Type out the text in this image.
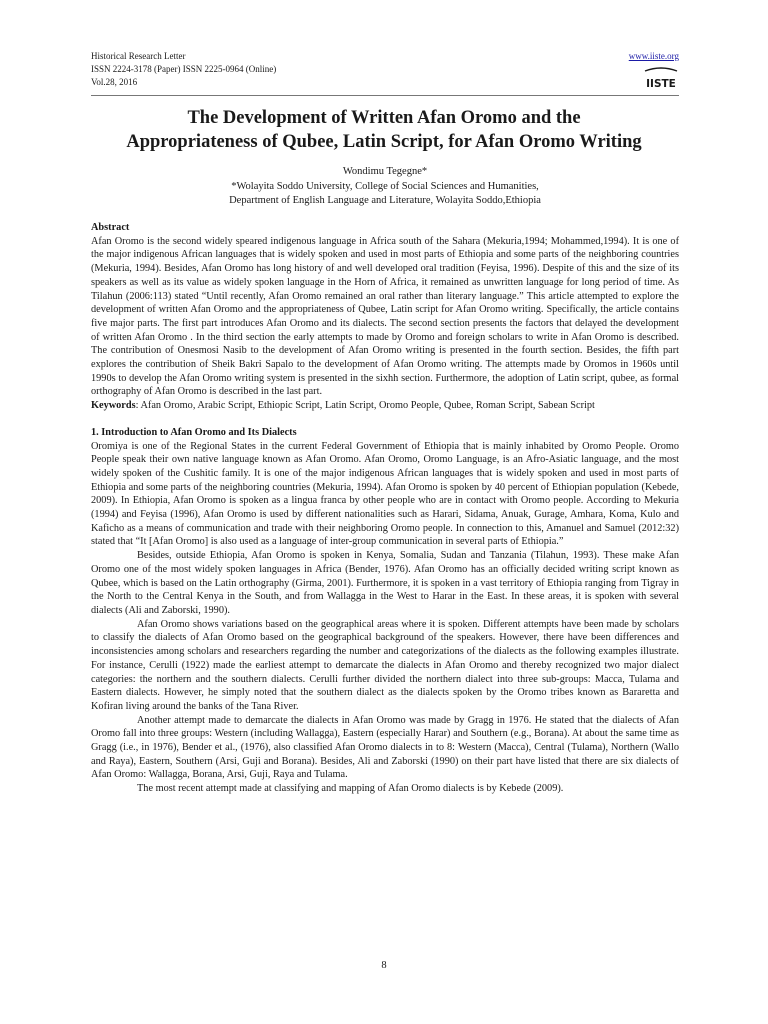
Historical Research Letter
ISSN 2224-3178 (Paper) ISSN 2225-0964 (Online)
Vol.28, 2016
www.iiste.org
IISTE
The Development of Written Afan Oromo and the
Appropriateness of Qubee, Latin Script, for Afan Oromo Writing
Wondimu Tegegne*
*Wolayita Soddo University, College of Social Sciences and Humanities,
Department of English Language and Literature, Wolayita Soddo,Ethiopia

Abstract

Afan Oromo is the second widely speared indigenous language in Africa south of the Sahara (Mekuria,1994; Mohammed,1994). It is one of the major indigenous African languages that is widely spoken and used in most parts of Ethiopia and some parts of the neighboring countries (Mekuria, 1994). Besides, Afan Oromo has long history of and well developed oral tradition (Feyisa, 1996). Despite of this and the size of its speakers as well as its value as widely spoken language in the Horn of Africa, it remained as unwritten language for long period of time. As Tilahun (2006:113) stated “Until recently, Afan Oromo remained an oral rather than literary language.” This article attempted to explore the development of written Afan Oromo and the appropriateness of Qubee, Latin script for Afan Oromo writing. Specifically, the article contains five major parts. The first part introduces Afan Oromo and its dialects. The second section presents the factors that delayed the development of written Afan Oromo . In the third section the early attempts to made by Oromo and foreign scholars to write in Afan Oromo is described. The contribution of Onesmosi Nasib to the development of Afan Oromo writing is presented in the fourth section. Besides, the fifth part explores the contribution of Sheik Bakri Sapalo to the development of Afan Oromo writing. The attempts made by Oromos in 1960s until 1990s to develop the Afan Oromo writing system is presented in the sixhh section. Furthermore, the adoption of Latin script, qubee, as formal orthography of Afan Oromo is described in the last part.

Keywords: Afan Oromo, Arabic Script, Ethiopic Script, Latin Script, Oromo People, Qubee, Roman Script, Sabean Script

1. Introduction to Afan Oromo and Its Dialects

Oromiya is one of the Regional States in the current Federal Government of Ethiopia that is mainly inhabited by Oromo People. Oromo People speak their own native language known as Afan Oromo. Afan Oromo, Oromo Language, is an Afro-Asiatic language, and the most widely spoken of the Cushitic family. It is one of the major indigenous African languages that is widely spoken and used in most parts of Ethiopia and some parts of the neighboring countries (Mekuria, 1994). Afan Oromo is spoken by 40 percent of Ethiopian population (Kebede, 2009). In Ethiopia, Afan Oromo is spoken as a lingua franca by other people who are in contact with Oromo people. According to Mekuria (1994) and Feyisa (1996), Afan Oromo is used by different nationalities such as Harari, Sidama, Anuak, Gurage, Amhara, Koma, Kulo and Kaficho as a means of communication and trade with their neighboring Oromo people. In connection to this, Amanuel and Samuel (2012:32) stated that “It [Afan Oromo] is also used as a language of inter-group communication in several parts of Ethiopia.”

Besides, outside Ethiopia, Afan Oromo is spoken in Kenya, Somalia, Sudan and Tanzania (Tilahun, 1993). These make Afan Oromo one of the most widely spoken languages in Africa (Bender, 1976). Afan Oromo has an officially decided writing script known as Qubee, which is based on the Latin orthography (Girma, 2001). Furthermore, it is spoken in a vast territory of Ethiopia ranging from Tigray in the North to the Central Kenya in the South, and from Wallagga in the West to Harar in the East. In these areas, it is spoken with several dialects (Ali and Zaborski, 1990).

Afan Oromo shows variations based on the geographical areas where it is spoken. Different attempts have been made by scholars to classify the dialects of Afan Oromo based on the geographical background of the speakers. However, there have been differences and inconsistencies among scholars and researchers regarding the number and categorizations of the dialects as the following examples illustrate. For instance, Cerulli (1922) made the earliest attempt to demarcate the dialects in Afan Oromo and thereby recognized two major dialect categories: the northern and the southern dialects. Cerulli further divided the northern dialect into three sub-groups: Macca, Tulama and Eastern dialects. However, he simply noted that the southern dialect as the dialects spoken by the Oromo tribes known as Bararetta and Kofiran living around the banks of the Tana River.

Another attempt made to demarcate the dialects in Afan Oromo was made by Gragg in 1976. He stated that the dialects of Afan Oromo fall into three groups: Western (including Wallagga), Eastern (especially Harar) and Southern (e.g., Borana). At about the same time as Gragg (i.e., in 1976), Bender et al., (1976), also classified Afan Oromo dialects in to 8: Western (Macca), Central (Tulama), Northern (Wallo and Raya), Eastern, Southern (Arsi, Guji and Borana). Besides, Ali and Zaborski (1990) on their part have listed that there are six dialects of Afan Oromo: Wallagga, Borana, Arsi, Guji, Raya and Tulama.

The most recent attempt made at classifying and mapping of Afan Oromo dialects is by Kebede (2009).

8
